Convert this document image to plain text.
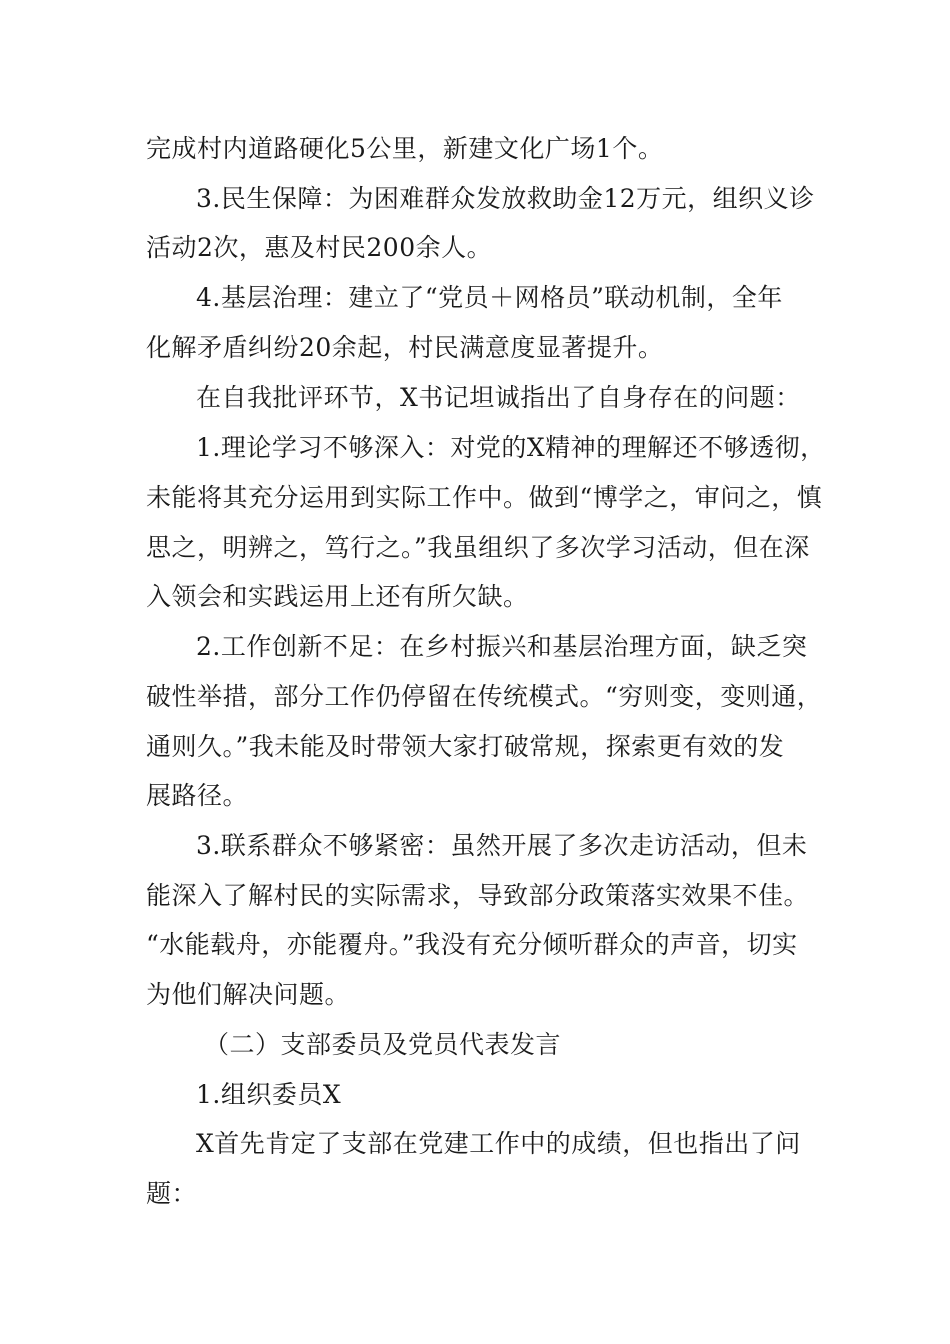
完成村内道路硬化5公里，新建文化广场1个。
3.民生保障：为困难群众发放救助金12万元，组织义诊
活动2次，惠及村民200余人。
4.基层治理：建立了“党员＋网格员”联动机制，全年
化解矛盾纠纷20余起，村民满意度显著提升。
在自我批评环节，X书记坦诚指出了自身存在的问题：
1.理论学习不够深入：对党的X精神的理解还不够透彻，
未能将其充分运用到实际工作中。做到“博学之，审问之，慎
思之，明辨之，笃行之。”我虽组织了多次学习活动，但在深
入领会和实践运用上还有所欠缺。
2.工作创新不足：在乡村振兴和基层治理方面，缺乏突
破性举措，部分工作仍停留在传统模式。“穷则变，变则通，
通则久。”我未能及时带领大家打破常规，探索更有效的发
展路径。
3.联系群众不够紧密：虽然开展了多次走访活动，但未
能深入了解村民的实际需求，导致部分政策落实效果不佳。
“水能载舟，亦能覆舟。”我没有充分倾听群众的声音，切实
为他们解决问题。
（二）支部委员及党员代表发言
1.组织委员X
X首先肯定了支部在党建工作中的成绩，但也指出了问
题：
